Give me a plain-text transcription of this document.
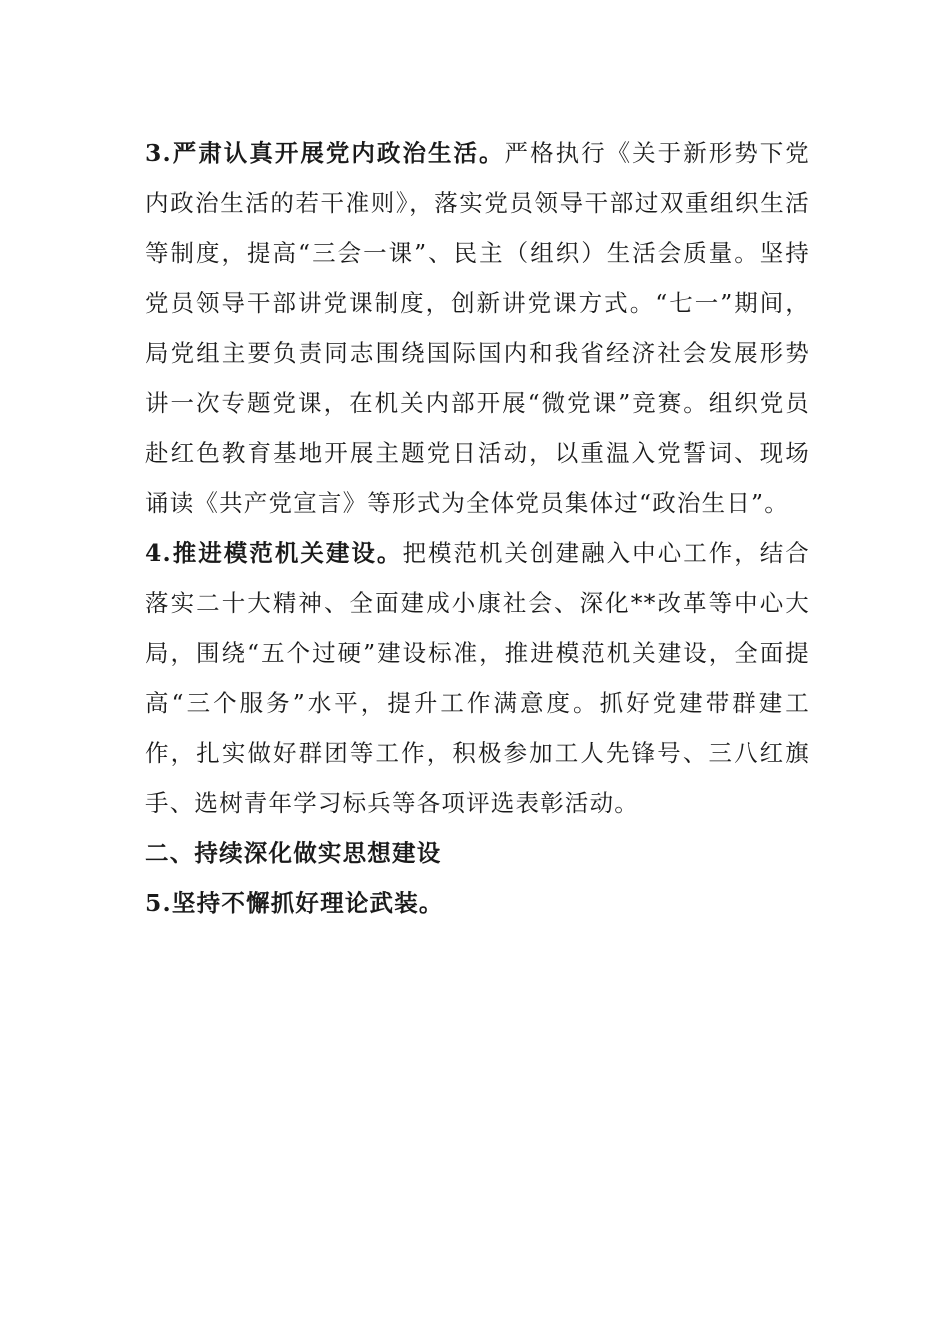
3.严肃认真开展党内政治生活。严格执行《关于新形势下党内政治生活的若干准则》，落实党员领导干部过双重组织生活等制度，提高“三会一课”、民主（组织）生活会质量。坚持党员领导干部讲党课制度，创新讲党课方式。“七一”期间，局党组主要负责同志围绕国际国内和我省经济社会发展形势讲一次专题党课，在机关内部开展“微党课”竞赛。组织党员赴红色教育基地开展主题党日活动，以重温入党誓词、现场诵读《共产党宣言》等形式为全体党员集体过“政治生日”。

4.推进模范机关建设。把模范机关创建融入中心工作，结合落实二十大精神、全面建成小康社会、深化**改革等中心大局，围绕“五个过硬”建设标准，推进模范机关建设，全面提高“三个服务”水平，提升工作满意度。抓好党建带群建工作，扎实做好群团等工作，积极参加工人先锋号、三八红旗手、选树青年学习标兵等各项评选表彰活动。

二、持续深化做实思想建设

5.坚持不懈抓好理论武装。
